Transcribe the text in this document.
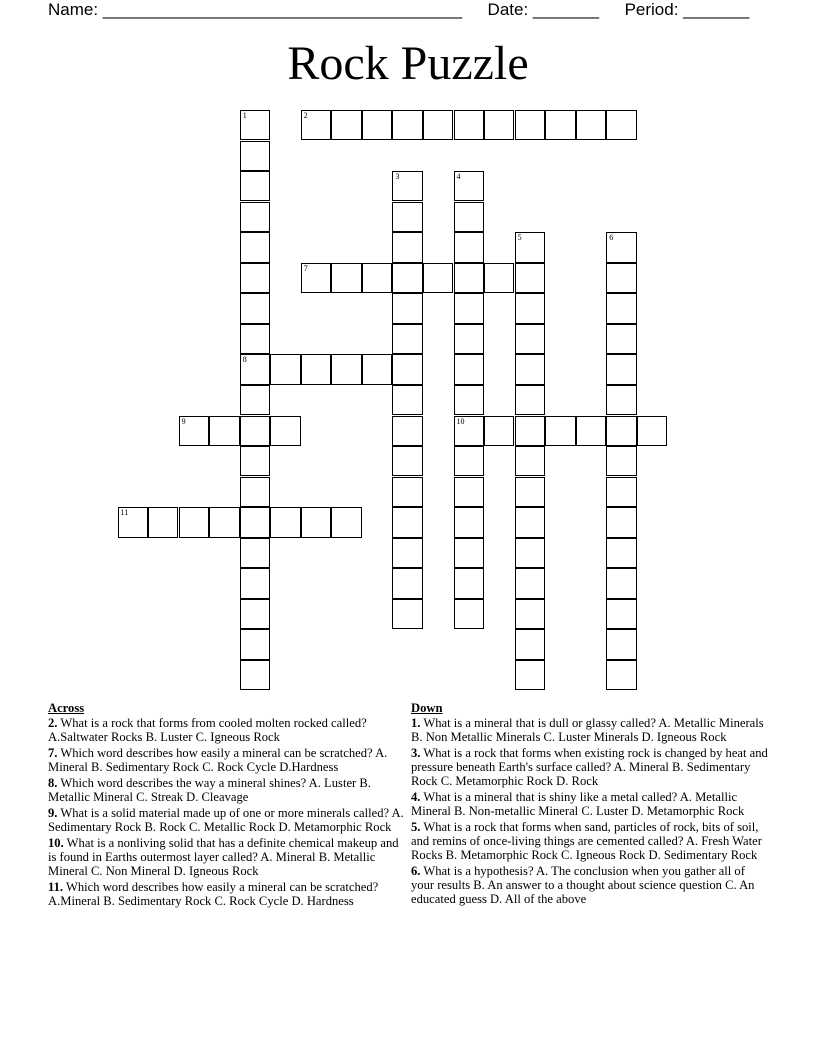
Name: ______________________________________ Date: _______ Period: _______
Rock Puzzle
2
7
8
9	10
11
1
3	4
5	6
Across
2. What is a rock that forms from cooled molten rocked called? A.Saltwater Rocks B. Luster C. Igneous Rock
7. Which word describes how easily a mineral can be scratched? A. Mineral B. Sedimentary Rock C. Rock Cycle D.Hardness
8. Which word describes the way a mineral shines? A. Luster B. Metallic Mineral C. Streak D. Cleavage
9. What is a solid material made up of one or more minerals called? A. Sedimentary Rock B. Rock C. Metallic Rock D. Metamorphic Rock
10. What is a nonliving solid that has a definite chemical makeup and is found in Earths outermost layer called? A. Mineral B. Metallic Mineral C. Non Mineral D. Igneous Rock
11. Which word describes how easily a mineral can be scratched? A.Mineral B. Sedimentary Rock C. Rock Cycle D. Hardness
Down
1. What is a mineral that is dull or glassy called? A. Metallic Minerals B. Non Metallic Minerals C. Luster Minerals D. Igneous Rock
3. What is a rock that forms when existing rock is changed by heat and pressure beneath Earth's surface called? A. Mineral B. Sedimentary Rock C. Metamorphic Rock D. Rock
4. What is a mineral that is shiny like a metal called? A. Metallic Mineral B. Non-metallic Mineral C. Luster D. Metamorphic Rock
5. What is a rock that forms when sand, particles of rock, bits of soil, and remins of once-living things are cemented called? A. Fresh Water Rocks B. Metamorphic Rock C. Igneous Rock D. Sedimentary Rock
6. What is a hypothesis? A. The conclusion when you gather all of your results B. An answer to a thought about science question C. An educated guess D. All of the above
